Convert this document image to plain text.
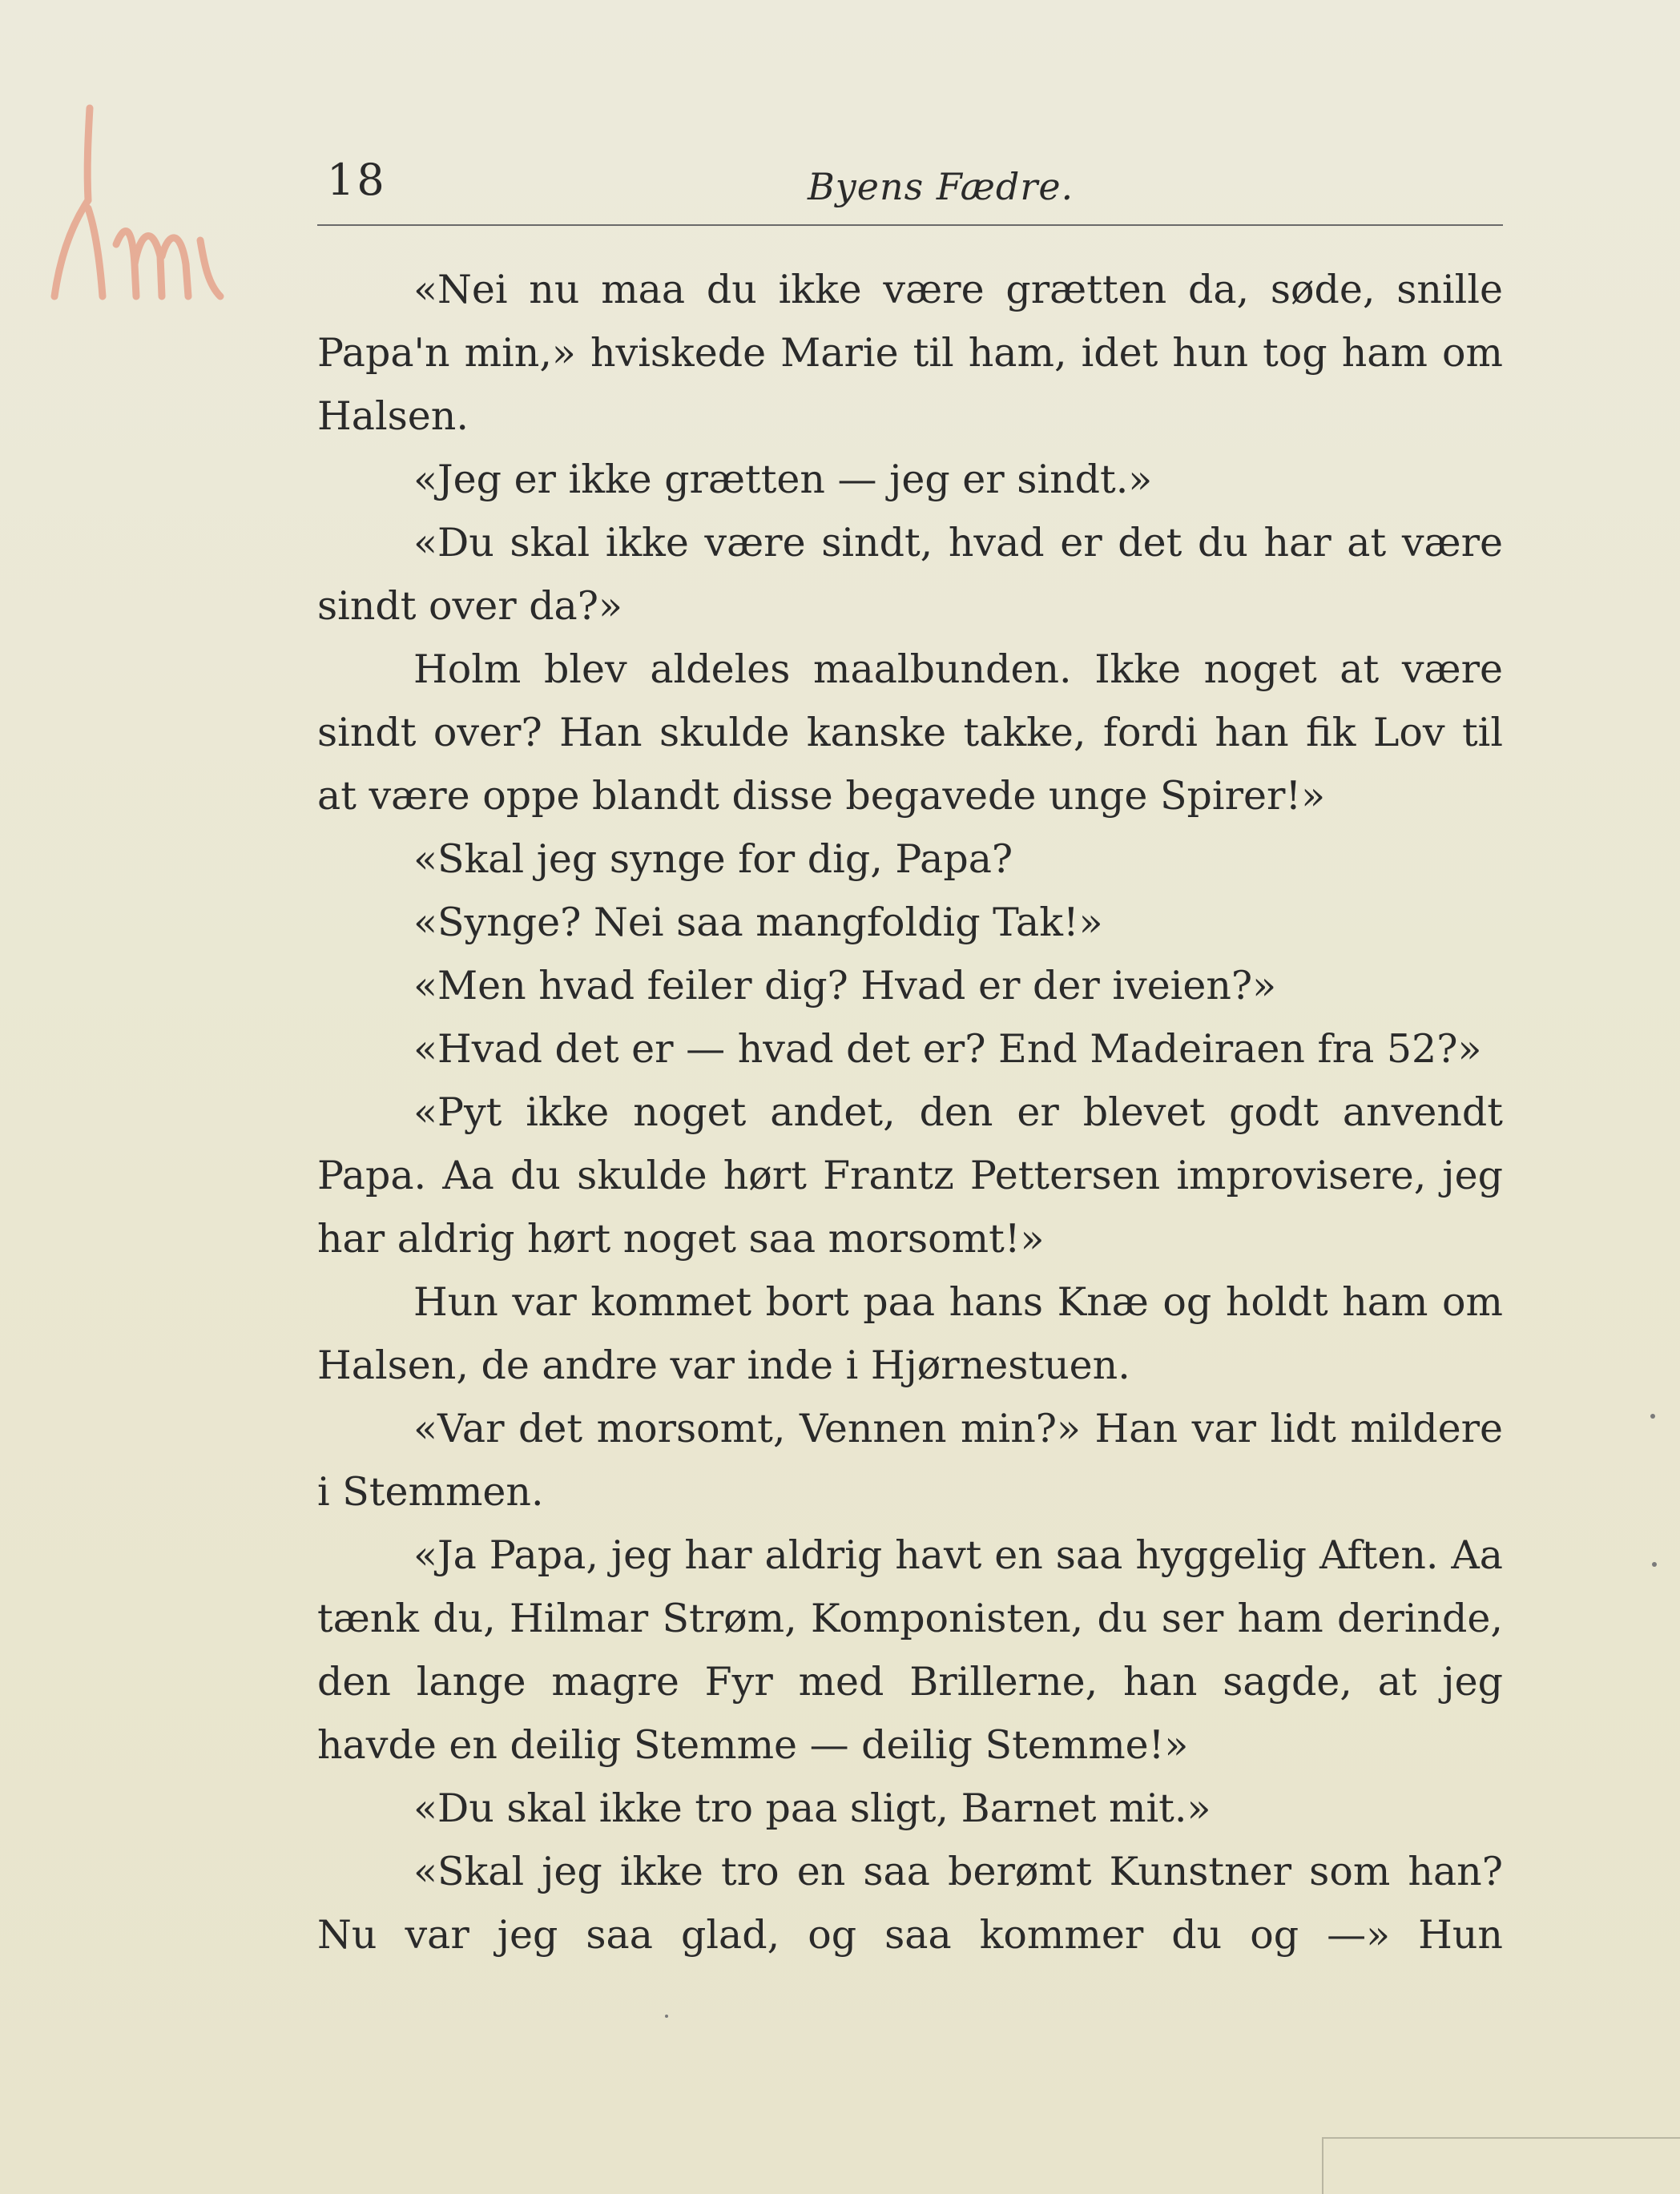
18	Byens Fædre.

«Nei nu maa du ikke være grætten da, søde, snille Papa'n min,» hviskede Marie til ham, idet hun tog ham om Halsen.

«Jeg er ikke grætten — jeg er sindt.»

«Du skal ikke være sindt, hvad er det du har at være sindt over da?»

Holm blev aldeles maalbunden. Ikke noget at være sindt over? Han skulde kanske takke, fordi han fik Lov til at være oppe blandt disse begavede unge Spirer!»

«Skal jeg synge for dig, Papa?

«Synge? Nei saa mangfoldig Tak!»

«Men hvad feiler dig? Hvad er der iveien?»

«Hvad det er — hvad det er? End Madeiraen fra 52?»

«Pyt ikke noget andet, den er blevet godt anvendt Papa. Aa du skulde hørt Frantz Pettersen improvisere, jeg har aldrig hørt noget saa morsomt!»

Hun var kommet bort paa hans Knæ og holdt ham om Halsen, de andre var inde i Hjørnestuen.

«Var det morsomt, Vennen min?» Han var lidt mildere i Stemmen.

«Ja Papa, jeg har aldrig havt en saa hyggelig Aften. Aa tænk du, Hilmar Strøm, Komponisten, du ser ham derinde, den lange magre Fyr med Brillerne, han sagde, at jeg havde en deilig Stemme — deilig Stemme!»

«Du skal ikke tro paa sligt, Barnet mit.»

«Skal jeg ikke tro en saa berømt Kunstner som han? Nu var jeg saa glad, og saa kommer du og —» Hun
